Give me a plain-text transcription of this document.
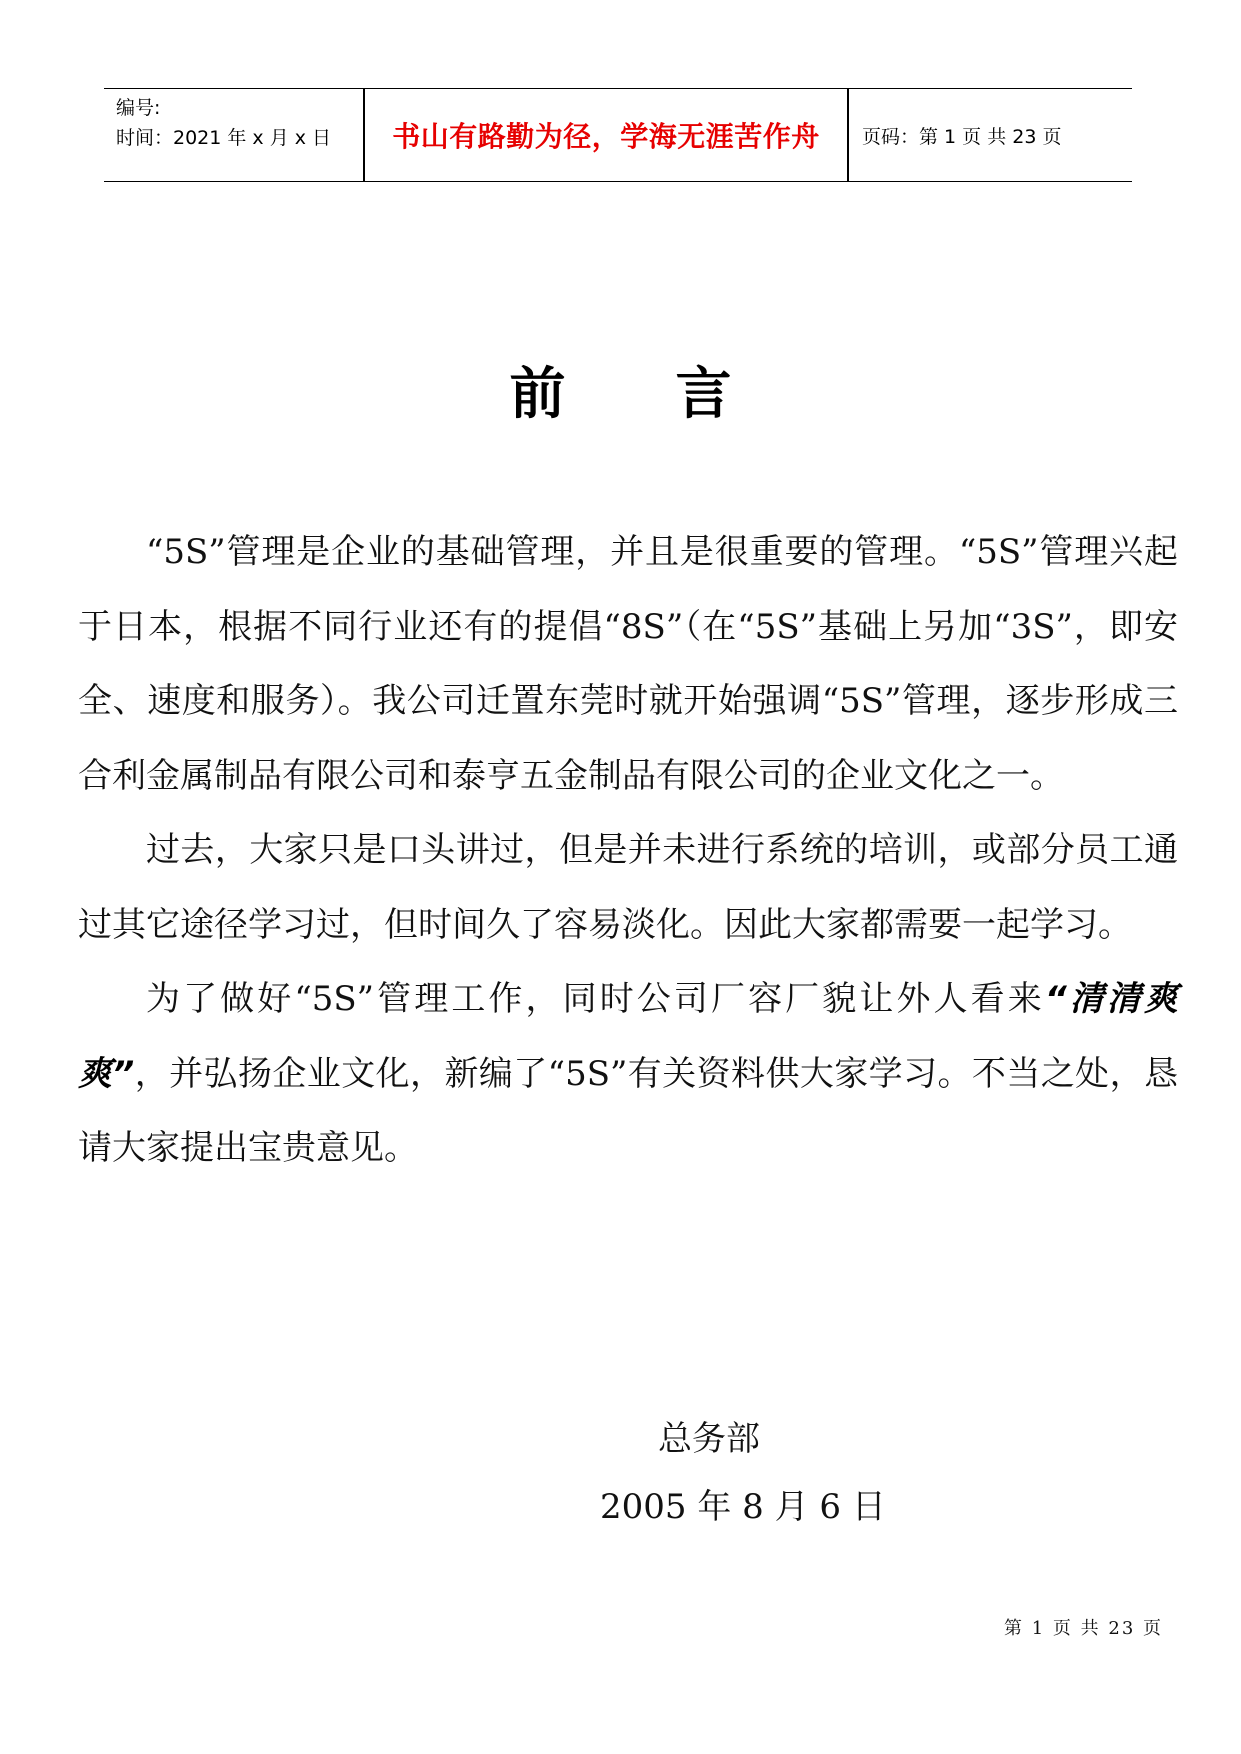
编号:
时间：2021 年 x 月 x 日	书山有路勤为径，学海无涯苦作舟	页码：第 1 页 共 23 页
前 言

“5S”管理是企业的基础管理，并且是很重要的管理。“5S”管理兴起于日本，根据不同行业还有的提倡“8S”（在“5S”基础上另加“3S”，即安全、速度和服务）。我公司迁置东莞时就开始强调“5S”管理，逐步形成三合利金属制品有限公司和泰亨五金制品有限公司的企业文化之一。

过去，大家只是口头讲过，但是并未进行系统的培训，或部分员工通过其它途径学习过，但时间久了容易淡化。因此大家都需要一起学习。

为了做好“5S”管理工作，同时公司厂容厂貌让外人看来“清清爽爽”，并弘扬企业文化，新编了“5S”有关资料供大家学习。不当之处，恳请大家提出宝贵意见。

总务部
2005 年 8 月 6 日
第 1 页 共 23 页
